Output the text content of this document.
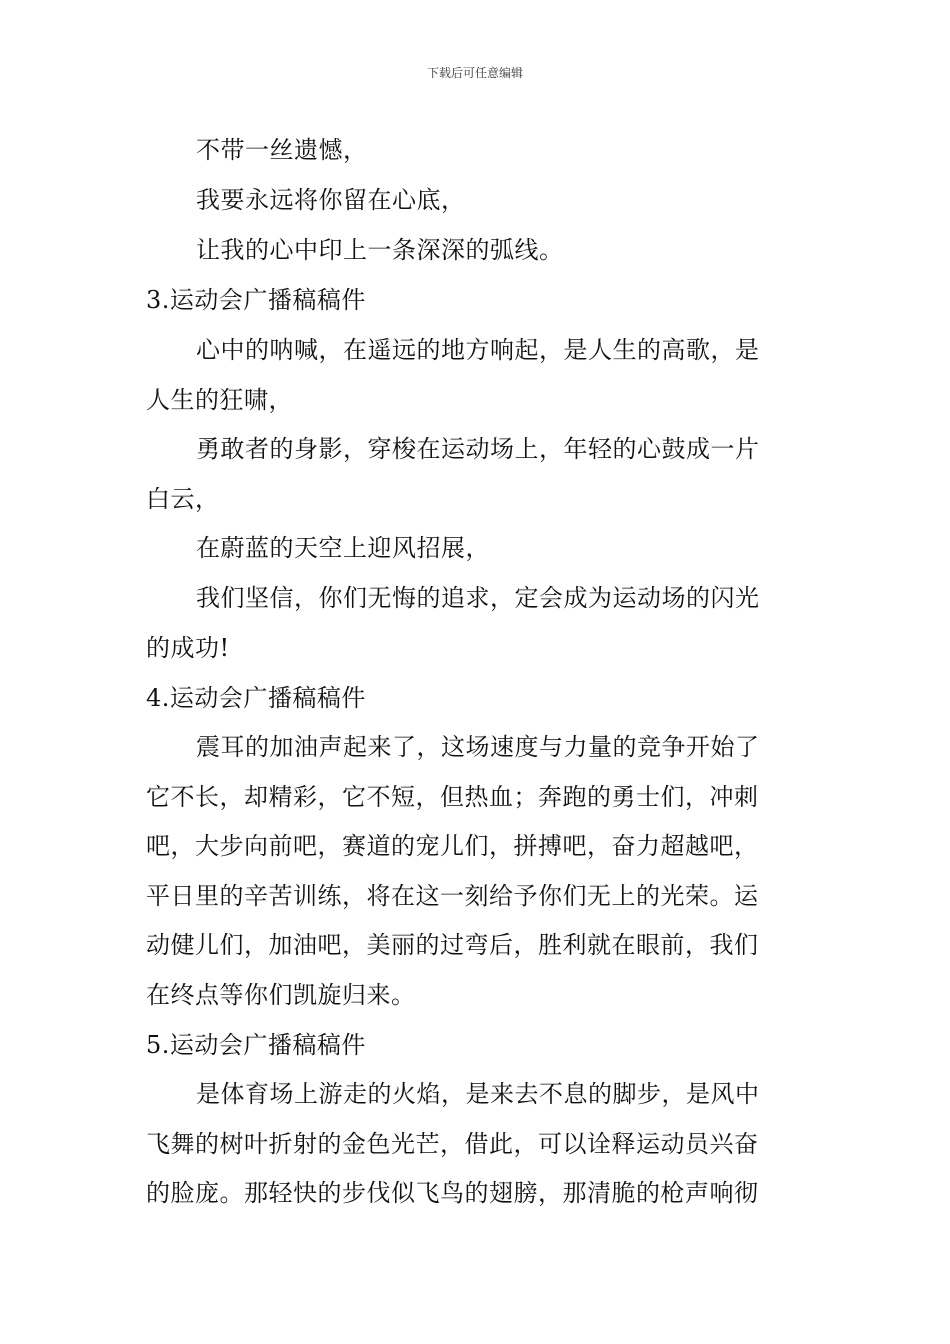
下载后可任意编辑
不带一丝遗憾，
我要永远将你留在心底，
让我的心中印上一条深深的弧线。
3.运动会广播稿稿件
心中的呐喊，在遥远的地方响起，是人生的高歌，是
人生的狂啸，
勇敢者的身影，穿梭在运动场上，年轻的心鼓成一片
白云，
在蔚蓝的天空上迎风招展，
我们坚信，你们无悔的追求，定会成为运动场的闪光
的成功!
4.运动会广播稿稿件
震耳的加油声起来了，这场速度与力量的竞争开始了
它不长，却精彩，它不短，但热血；奔跑的勇士们，冲刺
吧，大步向前吧，赛道的宠儿们，拼搏吧，奋力超越吧，
平日里的辛苦训练，将在这一刻给予你们无上的光荣。运
动健儿们，加油吧，美丽的过弯后，胜利就在眼前，我们
在终点等你们凯旋归来。
5.运动会广播稿稿件
是体育场上游走的火焰，是来去不息的脚步，是风中
飞舞的树叶折射的金色光芒，借此，可以诠释运动员兴奋
的脸庞。那轻快的步伐似飞鸟的翅膀，那清脆的枪声响彻
